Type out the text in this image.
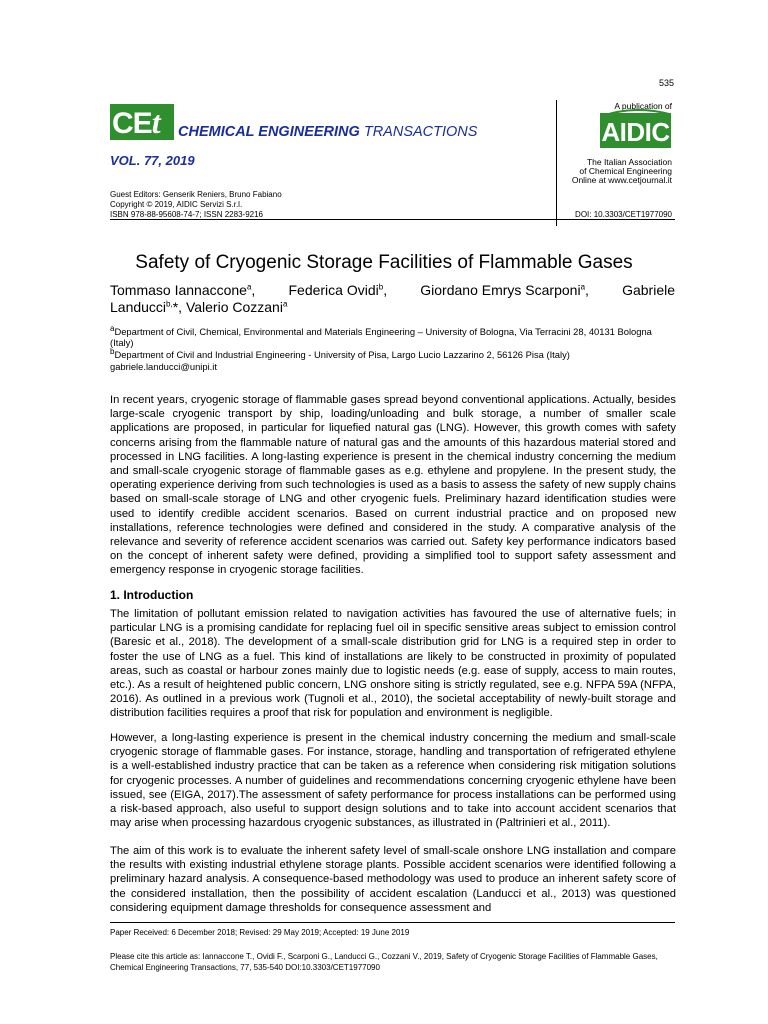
535
CEt	CHEMICAL ENGINEERING TRANSACTIONS
VOL. 77, 2019
A publication of
AIDIC
The Italian Association
of Chemical Engineering
Online at www.cetjournal.it
Guest Editors: Genserik Reniers, Bruno Fabiano
Copyright © 2019, AIDIC Servizi S.r.l.
ISBN 978-88-95608-74-7; ISSN 2283-9216	DOI: 10.3303/CET1977090
Safety of Cryogenic Storage Facilities of Flammable Gases
Tommaso Iannaccone$^a$, Federica Ovidi$^b$, Giordano Emrys Scarponi$^a$, Gabriele
Landucci$^{b,}$*, Valerio Cozzani$^a$
$^a$Department of Civil, Chemical, Environmental and Materials Engineering – University of Bologna, Via Terracini 28, 40131 Bologna (Italy)
$^b$Department of Civil and Industrial Engineering - University of Pisa, Largo Lucio Lazzarino 2, 56126 Pisa (Italy)
gabriele.landucci@unipi.it
In recent years, cryogenic storage of flammable gases spread beyond conventional applications. Actually, besides large-scale cryogenic transport by ship, loading/unloading and bulk storage, a number of smaller scale applications are proposed, in particular for liquefied natural gas (LNG). However, this growth comes with safety concerns arising from the flammable nature of natural gas and the amounts of this hazardous material stored and processed in LNG facilities. A long-lasting experience is present in the chemical industry concerning the medium and small-scale cryogenic storage of flammable gases as e.g. ethylene and propylene. In the present study, the operating experience deriving from such technologies is used as a basis to assess the safety of new supply chains based on small-scale storage of LNG and other cryogenic fuels. Preliminary hazard identification studies were used to identify credible accident scenarios. Based on current industrial practice and on proposed new installations, reference technologies were defined and considered in the study. A comparative analysis of the relevance and severity of reference accident scenarios was carried out. Safety key performance indicators based on the concept of inherent safety were defined, providing a simplified tool to support safety assessment and emergency response in cryogenic storage facilities.
1. Introduction
The limitation of pollutant emission related to navigation activities has favoured the use of alternative fuels; in particular LNG is a promising candidate for replacing fuel oil in specific sensitive areas subject to emission control (Baresic et al., 2018). The development of a small-scale distribution grid for LNG is a required step in order to foster the use of LNG as a fuel. This kind of installations are likely to be constructed in proximity of populated areas, such as coastal or harbour zones mainly due to logistic needs (e.g. ease of supply, access to main routes, etc.). As a result of heightened public concern, LNG onshore siting is strictly regulated, see e.g. NFPA 59A (NFPA, 2016). As outlined in a previous work (Tugnoli et al., 2010), the societal acceptability of newly-built storage and distribution facilities requires a proof that risk for population and environment is negligible.
However, a long-lasting experience is present in the chemical industry concerning the medium and small-scale cryogenic storage of flammable gases. For instance, storage, handling and transportation of refrigerated ethylene is a well-established industry practice that can be taken as a reference when considering risk mitigation solutions for cryogenic processes. A number of guidelines and recommendations concerning cryogenic ethylene have been issued, see (EIGA, 2017).The assessment of safety performance for process installations can be performed using a risk-based approach, also useful to support design solutions and to take into account accident scenarios that may arise when processing hazardous cryogenic substances, as illustrated in (Paltrinieri et al., 2011).
The aim of this work is to evaluate the inherent safety level of small-scale onshore LNG installation and compare the results with existing industrial ethylene storage plants. Possible accident scenarios were identified following a preliminary hazard analysis. A consequence-based methodology was used to produce an inherent safety score of the considered installation, then the possibility of accident escalation (Landucci et al., 2013) was questioned considering equipment damage thresholds for consequence assessment and
Paper Received: 6 December 2018; Revised: 29 May 2019; Accepted: 19 June 2019
Please cite this article as: Iannaccone T., Ovidi F., Scarponi G., Landucci G., Cozzani V., 2019, Safety of Cryogenic Storage Facilities of Flammable Gases, Chemical Engineering Transactions, 77, 535-540 DOI:10.3303/CET1977090
